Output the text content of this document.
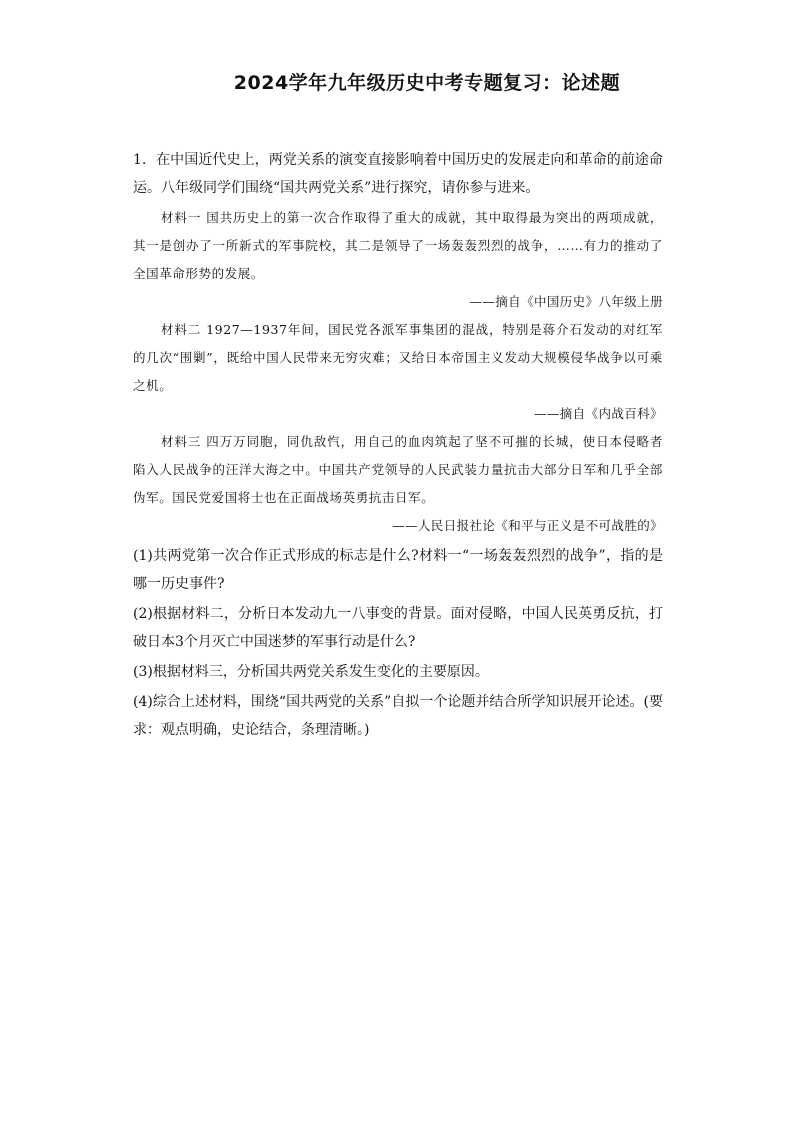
2024学年九年级历史中考专题复习：论述题

1．在中国近代史上，两党关系的演变直接影响着中国历史的发展走向和革命的前途命运。八年级同学们围绕“国共两党关系”进行探究，请你参与进来。

材料一 国共历史上的第一次合作取得了重大的成就，其中取得最为突出的两项成就，其一是创办了一所新式的军事院校，其二是领导了一场轰轰烈烈的战争，……有力的推动了全国革命形势的发展。

——摘自《中国历史》八年级上册

材料二 1927—1937年间，国民党各派军事集团的混战，特别是蒋介石发动的对红军的几次“围剿”，既给中国人民带来无穷灾难；又给日本帝国主义发动大规模侵华战争以可乘之机。

——摘自《内战百科》

材料三 四万万同胞，同仇敌忾，用自己的血肉筑起了坚不可摧的长城，使日本侵略者陷入人民战争的汪洋大海之中。中国共产党领导的人民武装力量抗击大部分日军和几乎全部伪军。国民党爱国将士也在正面战场英勇抗击日军。

——人民日报社论《和平与正义是不可战胜的》

(1)共两党第一次合作正式形成的标志是什么?材料一“一场轰轰烈烈的战争”，指的是哪一历史事件?

(2)根据材料二，分析日本发动九一八事变的背景。面对侵略，中国人民英勇反抗，打破日本3个月灭亡中国迷梦的军事行动是什么?

(3)根据材料三，分析国共两党关系发生变化的主要原因。

(4)综合上述材料，围绕“国共两党的关系”自拟一个论题并结合所学知识展开论述。(要求：观点明确，史论结合，条理清晰。)
